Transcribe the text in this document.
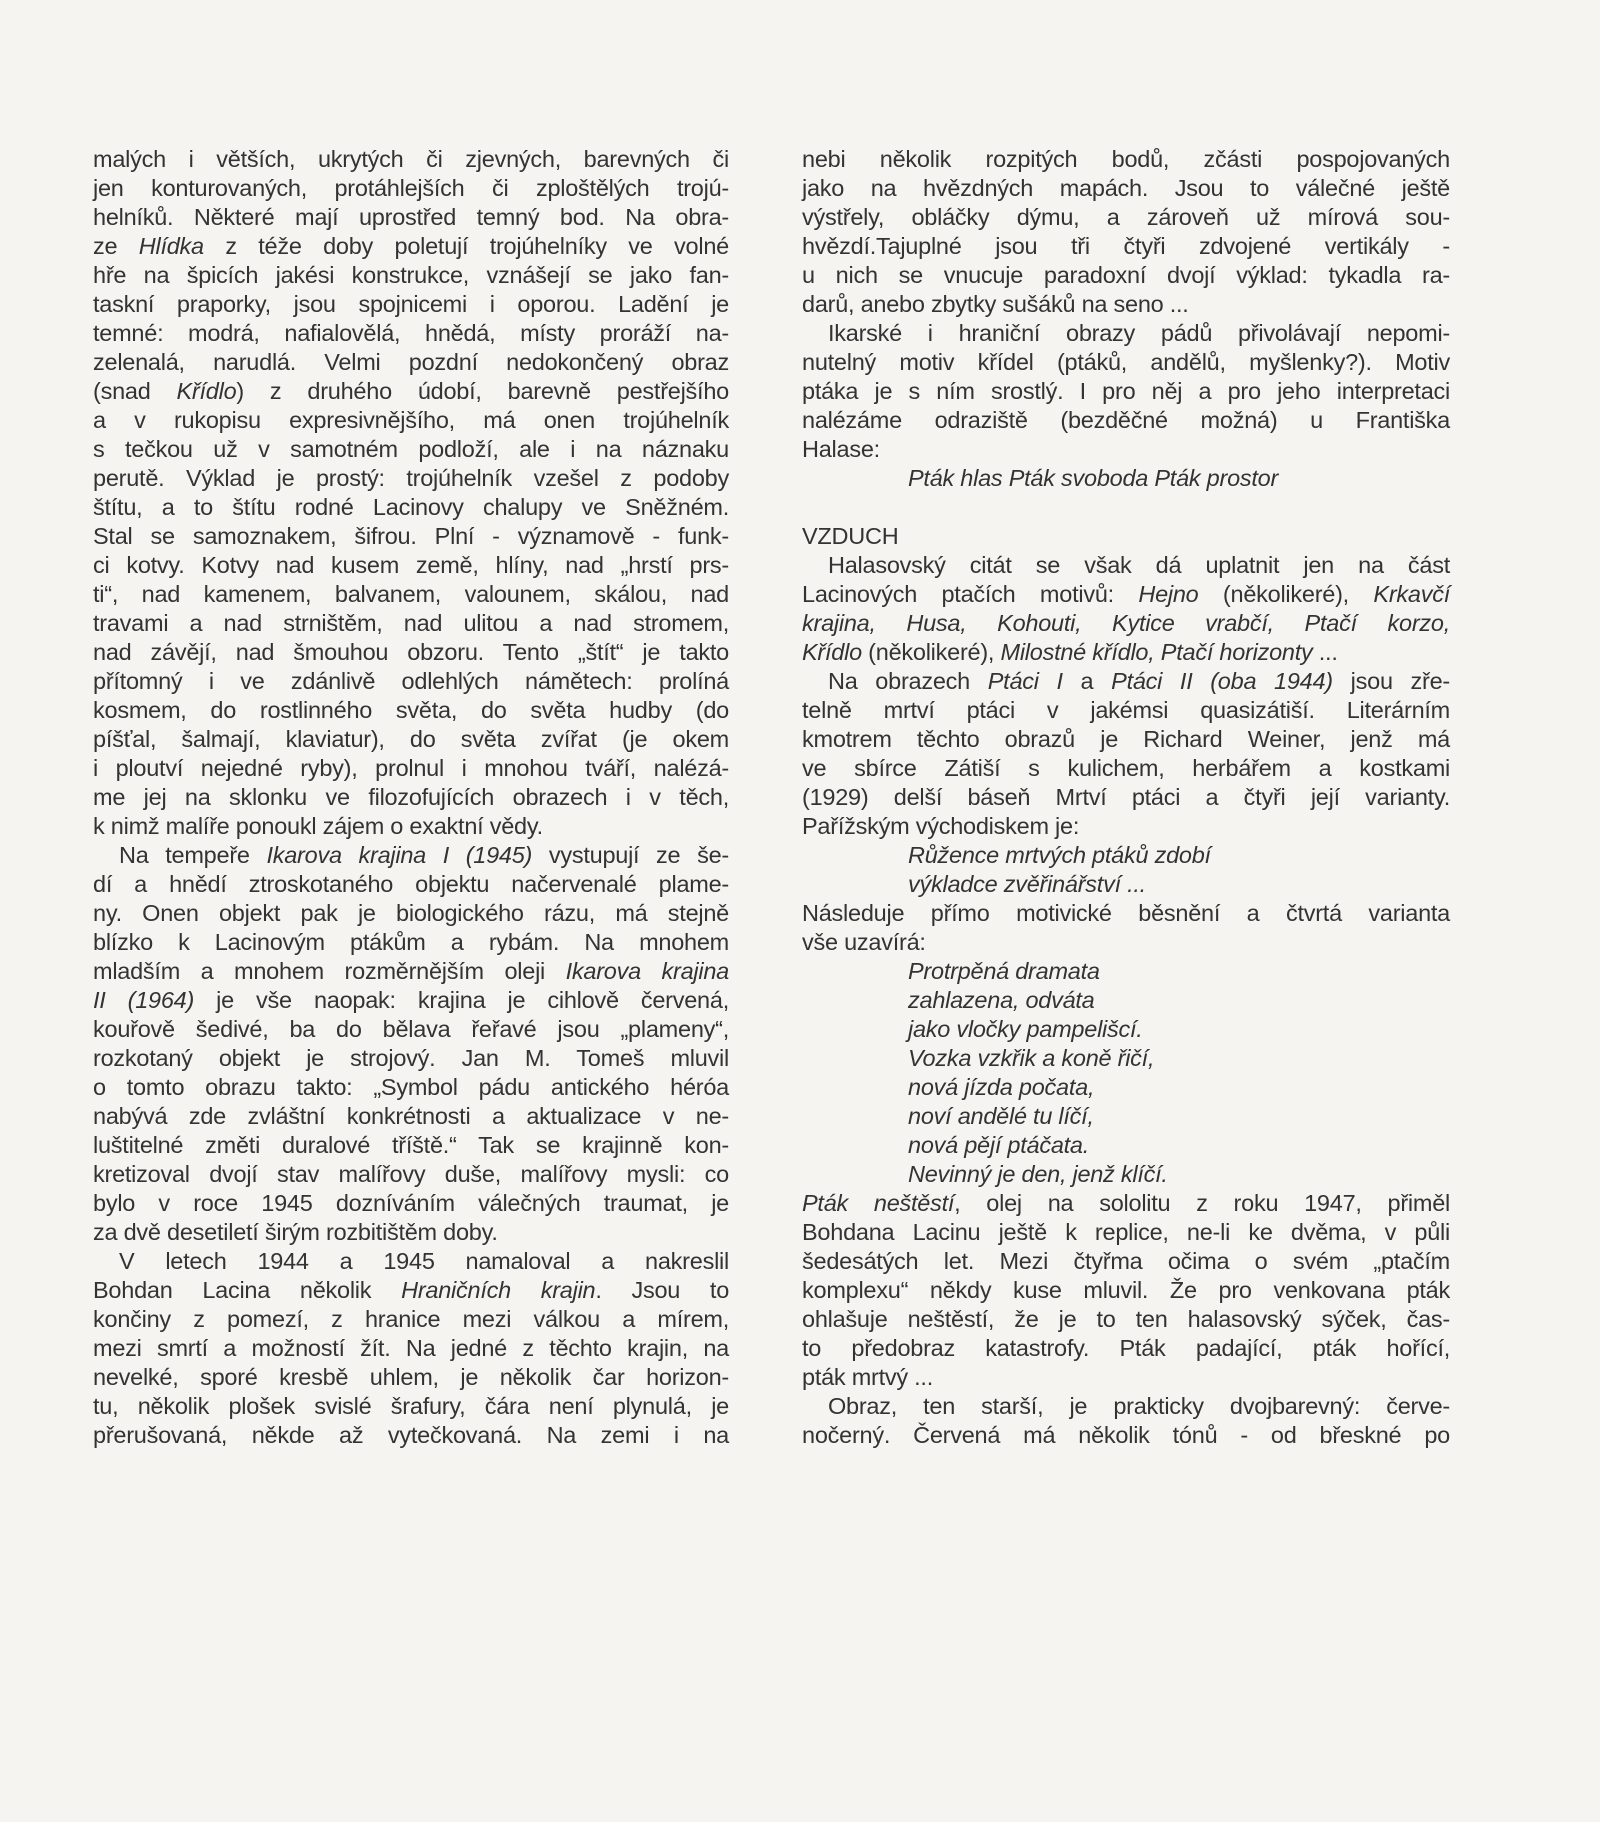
malých i větších, ukrytých či zjevných, barevných či
jen konturovaných, protáhlejších či zploštělých trojú-
helníků. Některé mají uprostřed temný bod. Na obra-
ze Hlídka z téže doby poletují trojúhelníky ve volné
hře na špicích jakési konstrukce, vznášejí se jako fan-
taskní praporky, jsou spojnicemi i oporou. Ladění je
temné: modrá, nafialovělá, hnědá, místy proráží na-
zelenalá, narudlá. Velmi pozdní nedokončený obraz
(snad Křídlo) z druhého údobí, barevně pestřejšího
a v rukopisu expresivnějšího, má onen trojúhelník
s tečkou už v samotném podloží, ale i na náznaku
perutě. Výklad je prostý: trojúhelník vzešel z podoby
štítu, a to štítu rodné Lacinovy chalupy ve Sněžném.
Stal se samoznakem, šifrou. Plní - významově - funk-
ci kotvy. Kotvy nad kusem země, hlíny, nad „hrstí prs-
ti“, nad kamenem, balvanem, valounem, skálou, nad
travami a nad strništěm, nad ulitou a nad stromem,
nad závějí, nad šmouhou obzoru. Tento „štít“ je takto
přítomný i ve zdánlivě odlehlých námětech: prolíná
kosmem, do rostlinného světa, do světa hudby (do
píšťal, šalmají, klaviatur), do světa zvířat (je okem
i ploutví nejedné ryby), prolnul i mnohou tváří, nalézá-
me jej na sklonku ve filozofujících obrazech i v těch,
k nimž malíře ponoukl zájem o exaktní vědy.
Na tempeře Ikarova krajina I (1945) vystupují ze še-
dí a hnědí ztroskotaného objektu načervenalé plame-
ny. Onen objekt pak je biologického rázu, má stejně
blízko k Lacinovým ptákům a rybám. Na mnohem
mladším a mnohem rozměrnějším oleji Ikarova krajina
II (1964) je vše naopak: krajina je cihlově červená,
kouřově šedivé, ba do bělava řeřavé jsou „plameny“,
rozkotaný objekt je strojový. Jan M. Tomeš mluvil
o tomto obrazu takto: „Symbol pádu antického héróa
nabývá zde zvláštní konkrétnosti a aktualizace v ne-
luštitelné změti duralové tříště.“ Tak se krajinně kon-
kretizoval dvojí stav malířovy duše, malířovy mysli: co
bylo v roce 1945 dozníváním válečných traumat, je
za dvě desetiletí širým rozbitištěm doby.
V letech 1944 a 1945 namaloval a nakreslil
Bohdan Lacina několik Hraničních krajin. Jsou to
končiny z pomezí, z hranice mezi válkou a mírem,
mezi smrtí a možností žít. Na jedné z těchto krajin, na
nevelké, sporé kresbě uhlem, je několik čar horizon-
tu, několik plošek svislé šrafury, čára není plynulá, je
přerušovaná, někde až vytečkovaná. Na zemi i na
nebi několik rozpitých bodů, zčásti pospojovaných
jako na hvězdných mapách. Jsou to válečné ještě
výstřely, obláčky dýmu, a zároveň už mírová sou-
hvězdí.Tajuplné jsou tři čtyři zdvojené vertikály -
u nich se vnucuje paradoxní dvojí výklad: tykadla ra-
darů, anebo zbytky sušáků na seno ...
Ikarské i hraniční obrazy pádů přivolávají nepomi-
nutelný motiv křídel (ptáků, andělů, myšlenky?). Motiv
ptáka je s ním srostlý. I pro něj a pro jeho interpretaci
nalézáme odraziště (bezděčné možná) u Františka
Halase:
Pták hlas Pták svoboda Pták prostor
VZDUCH
Halasovský citát se však dá uplatnit jen na část
Lacinových ptačích motivů: Hejno (několikeré), Krkavčí
krajina, Husa, Kohouti, Kytice vrabčí, Ptačí korzo,
Křídlo (několikeré), Milostné křídlo, Ptačí horizonty ...
Na obrazech Ptáci I a Ptáci II (oba 1944) jsou zře-
telně mrtví ptáci v jakémsi quasizátiší. Literárním
kmotrem těchto obrazů je Richard Weiner, jenž má
ve sbírce Zátiší s kulichem, herbářem a kostkami
(1929) delší báseň Mrtví ptáci a čtyři její varianty.
Pařížským východiskem je:
Růžence mrtvých ptáků zdobí
výkladce zvěřinářství ...
Následuje přímo motivické běsnění a čtvrtá varianta
vše uzavírá:
Protrpěná dramata
zahlazena, odváta
jako vločky pampelišcí.
Vozka vzkřik a koně řičí,
nová jízda počata,
noví andělé tu líčí,
nová pějí ptáčata.
Nevinný je den, jenž klíčí.
Pták neštěstí, olej na sololitu z roku 1947, přiměl
Bohdana Lacinu ještě k replice, ne-li ke dvěma, v půli
šedesátých let. Mezi čtyřma očima o svém „ptačím
komplexu“ někdy kuse mluvil. Že pro venkovana pták
ohlašuje neštěstí, že je to ten halasovský sýček, čas-
to předobraz katastrofy. Pták padající, pták hořící,
pták mrtvý ...
Obraz, ten starší, je prakticky dvojbarevný: červe-
nočerný. Červená má několik tónů - od břeskné po
